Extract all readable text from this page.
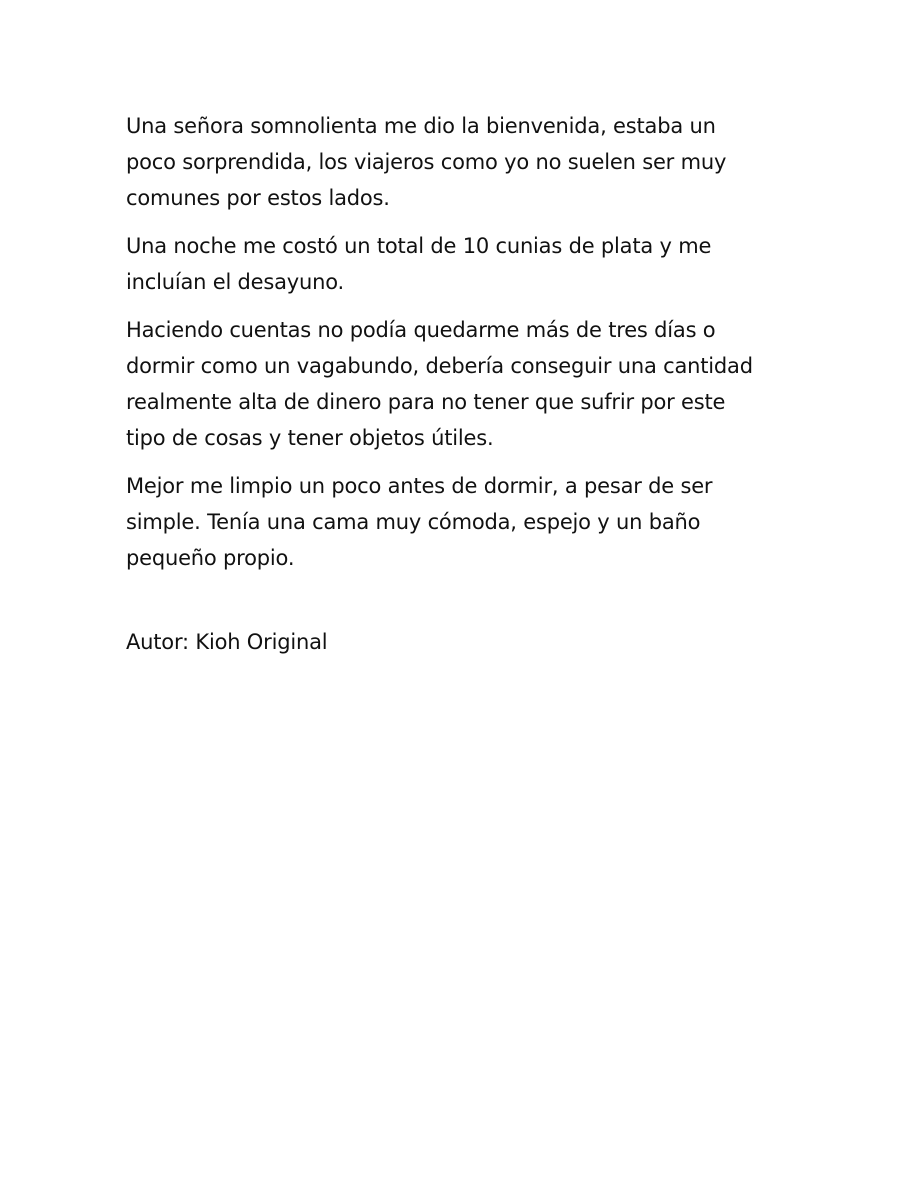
Una señora somnolienta me dio la bienvenida, estaba un
poco sorprendida, los viajeros como yo no suelen ser muy
comunes por estos lados.

Una noche me costó un total de 10 cunias de plata y me
incluían el desayuno.

Haciendo cuentas no podía quedarme más de tres días o
dormir como un vagabundo, debería conseguir una cantidad
realmente alta de dinero para no tener que sufrir por este
tipo de cosas y tener objetos útiles.

Mejor me limpio un poco antes de dormir, a pesar de ser
simple. Tenía una cama muy cómoda, espejo y un baño
pequeño propio.

Autor: Kioh Original
